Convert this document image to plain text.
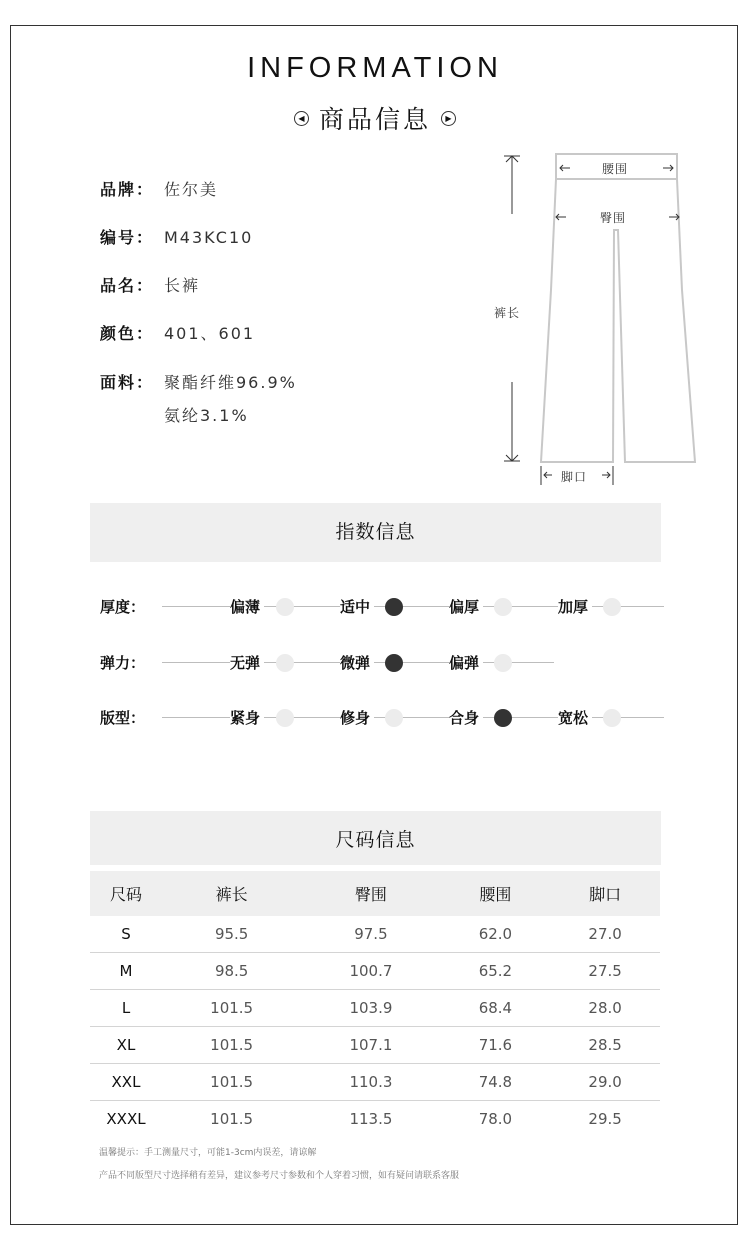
INFORMATION
◀ 商品信息 ▶
品牌： 佐尔美
编号： M43KC10
品名： 长裤
颜色： 401、601
面料： 聚酯纤维96.9%
氨纶3.1%
腰围
臀围
裤长
脚口
指数信息
厚度：	偏薄	适中	偏厚	加厚
弹力：	无弹	微弹	偏弹
版型：	紧身	修身	合身	宽松
尺码信息
尺码	裤长	臀围	腰围	脚口
S	95.5	97.5	62.0	27.0
M	98.5	100.7	65.2	27.5
L	101.5	103.9	68.4	28.0
XL	101.5	107.1	71.6	28.5
XXL	101.5	110.3	74.8	29.0
XXXL	101.5	113.5	78.0	29.5
温馨提示：手工测量尺寸，可能1-3cm内误差，请谅解
产品不同版型尺寸选择稍有差异，建议参考尺寸参数和个人穿着习惯，如有疑问请联系客服
